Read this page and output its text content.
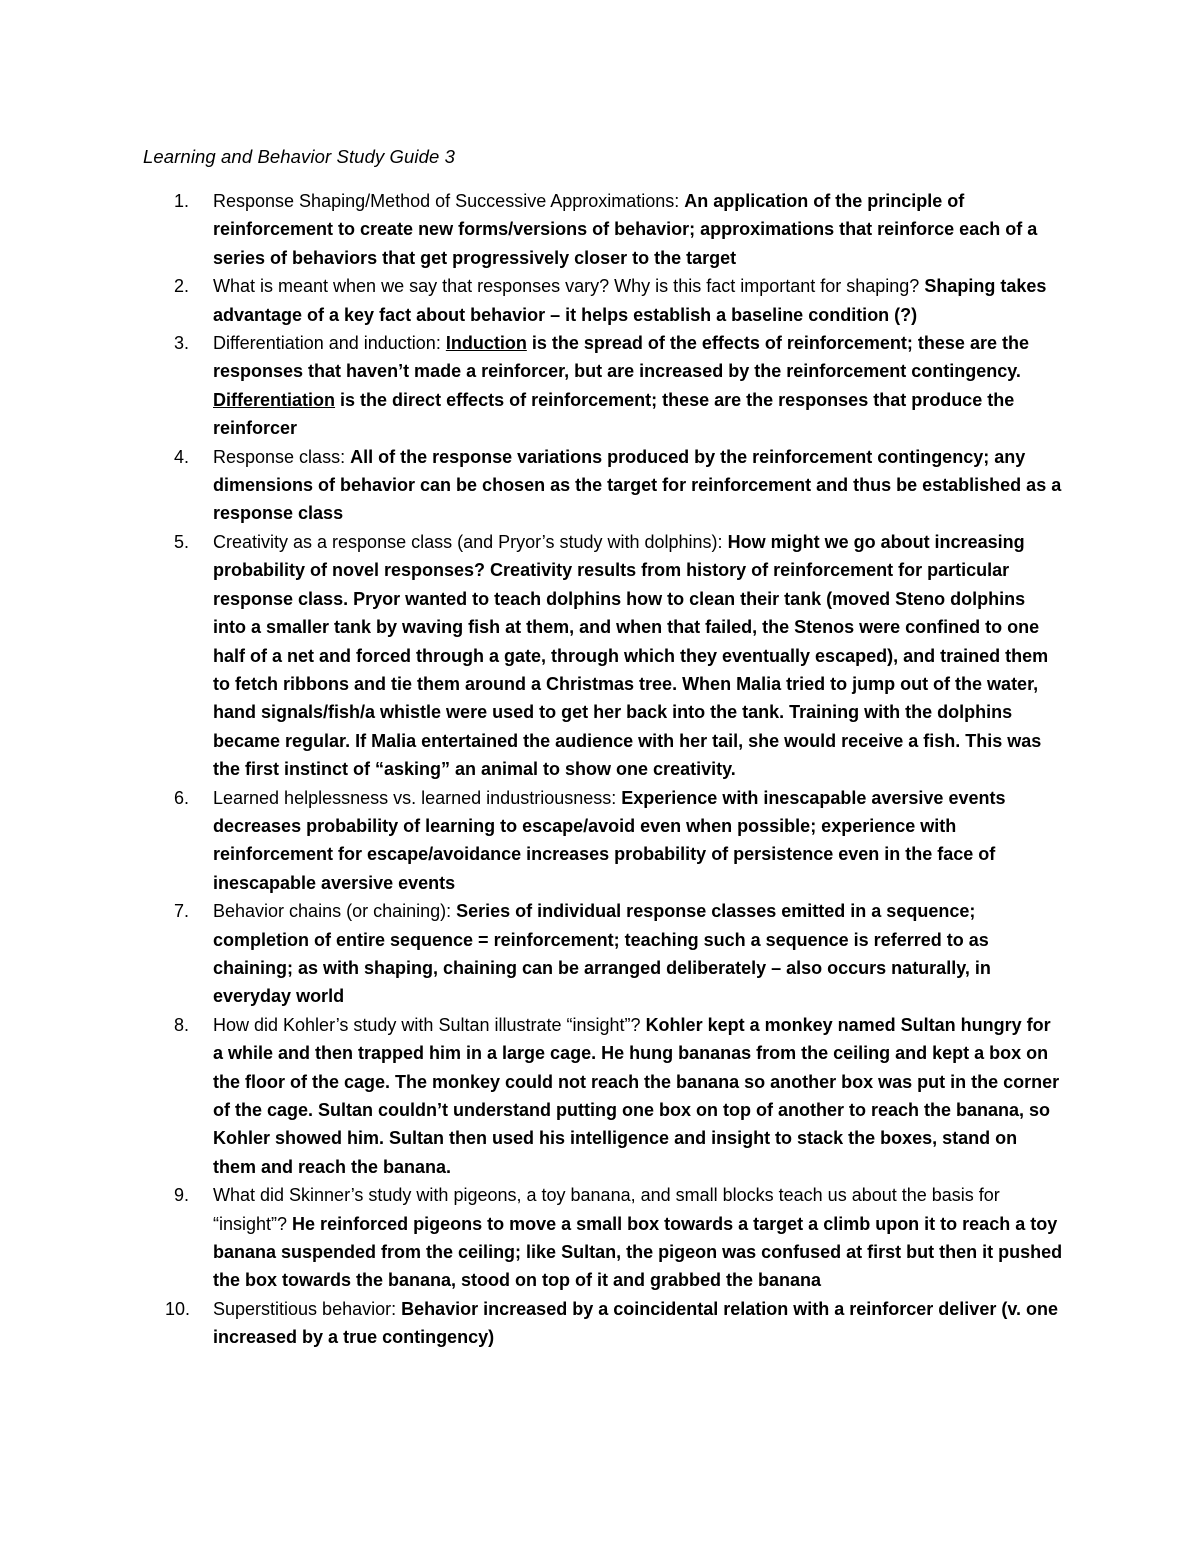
Learning and Behavior Study Guide 3
1. Response Shaping/Method of Successive Approximations: An application of the principle of reinforcement to create new forms/versions of behavior; approximations that reinforce each of a series of behaviors that get progressively closer to the target
2. What is meant when we say that responses vary? Why is this fact important for shaping? Shaping takes advantage of a key fact about behavior – it helps establish a baseline condition (?)
3. Differentiation and induction: Induction is the spread of the effects of reinforcement; these are the responses that haven’t made a reinforcer, but are increased by the reinforcement contingency. Differentiation is the direct effects of reinforcement; these are the responses that produce the reinforcer
4. Response class: All of the response variations produced by the reinforcement contingency; any dimensions of behavior can be chosen as the target for reinforcement and thus be established as a response class
5. Creativity as a response class (and Pryor’s study with dolphins): How might we go about increasing probability of novel responses? Creativity results from history of reinforcement for particular response class. Pryor wanted to teach dolphins how to clean their tank (moved Steno dolphins into a smaller tank by waving fish at them, and when that failed, the Stenos were confined to one half of a net and forced through a gate, through which they eventually escaped), and trained them to fetch ribbons and tie them around a Christmas tree. When Malia tried to jump out of the water, hand signals/fish/a whistle were used to get her back into the tank. Training with the dolphins became regular. If Malia entertained the audience with her tail, she would receive a fish. This was the first instinct of “asking” an animal to show one creativity.
6. Learned helplessness vs. learned industriousness: Experience with inescapable aversive events decreases probability of learning to escape/avoid even when possible; experience with reinforcement for escape/avoidance increases probability of persistence even in the face of inescapable aversive events
7. Behavior chains (or chaining): Series of individual response classes emitted in a sequence; completion of entire sequence = reinforcement; teaching such a sequence is referred to as chaining; as with shaping, chaining can be arranged deliberately – also occurs naturally, in everyday world
8. How did Kohler’s study with Sultan illustrate “insight”? Kohler kept a monkey named Sultan hungry for a while and then trapped him in a large cage. He hung bananas from the ceiling and kept a box on the floor of the cage. The monkey could not reach the banana so another box was put in the corner of the cage. Sultan couldn’t understand putting one box on top of another to reach the banana, so Kohler showed him. Sultan then used his intelligence and insight to stack the boxes, stand on them and reach the banana.
9. What did Skinner’s study with pigeons, a toy banana, and small blocks teach us about the basis for “insight”? He reinforced pigeons to move a small box towards a target a climb upon it to reach a toy banana suspended from the ceiling; like Sultan, the pigeon was confused at first but then it pushed the box towards the banana, stood on top of it and grabbed the banana
10. Superstitious behavior: Behavior increased by a coincidental relation with a reinforcer deliver (v. one increased by a true contingency)
